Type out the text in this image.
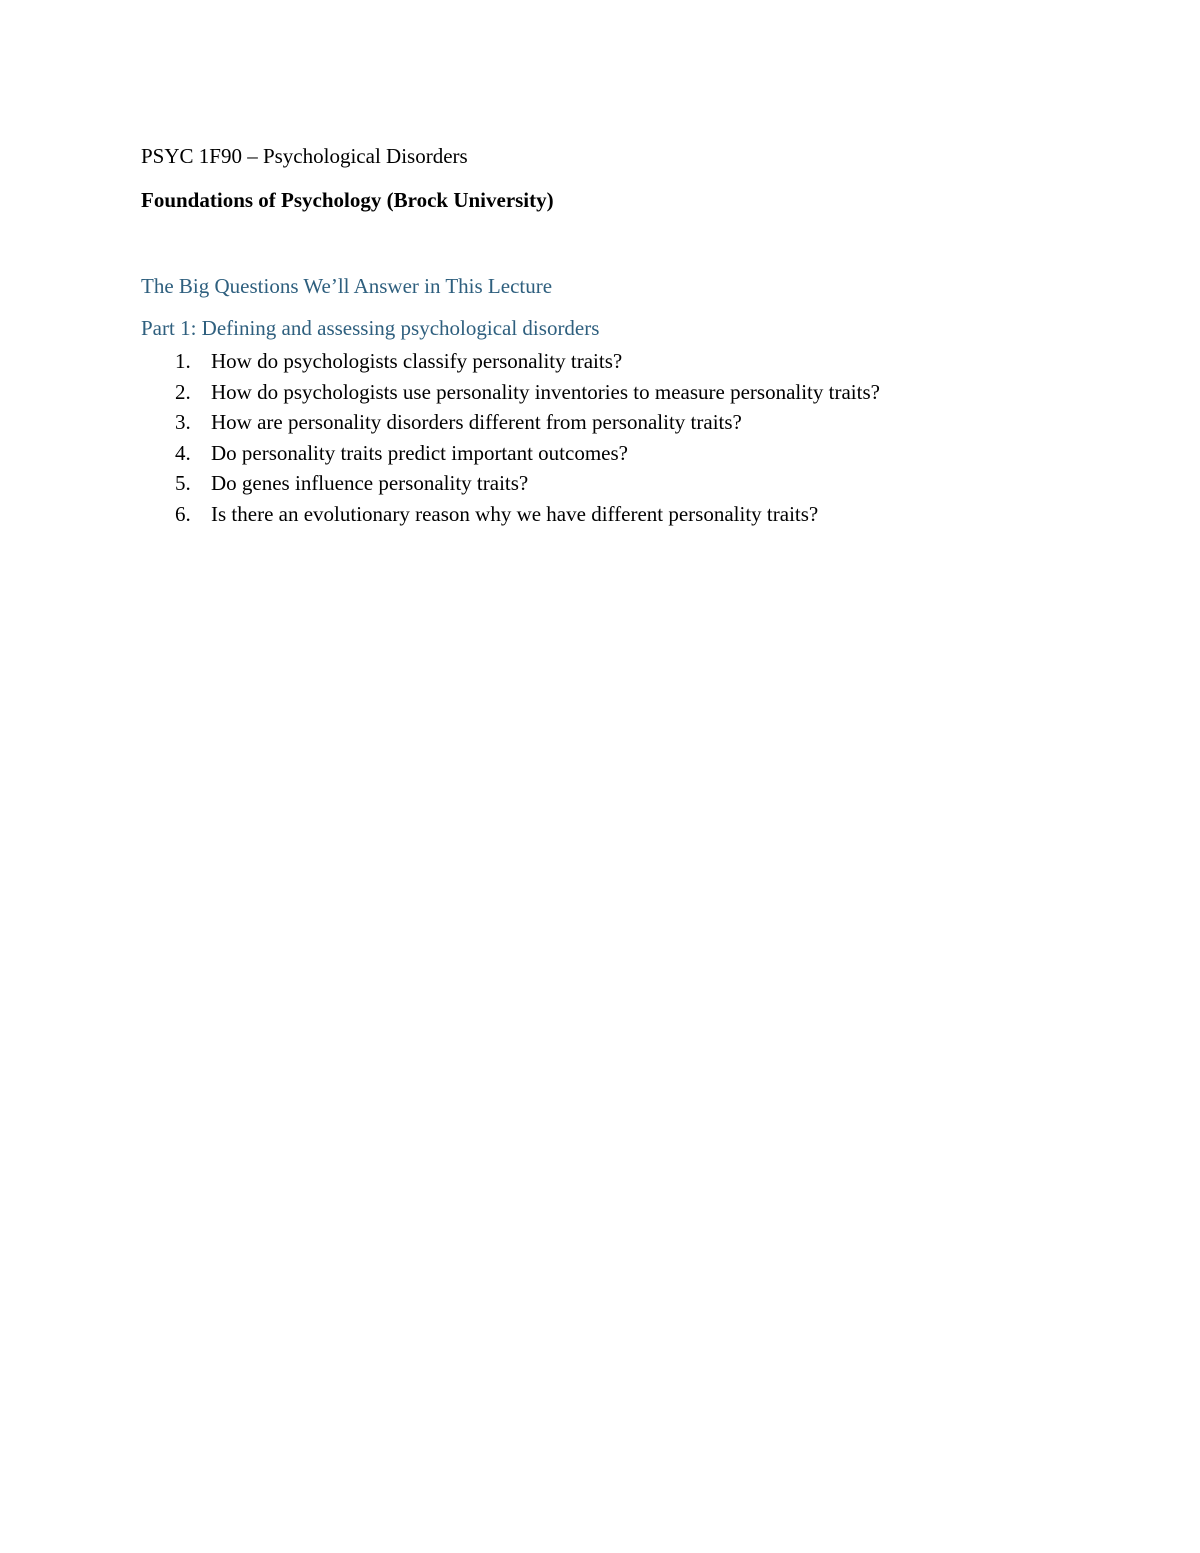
PSYC 1F90 – Psychological Disorders
Foundations of Psychology (Brock University)
The Big Questions We’ll Answer in This Lecture
Part 1: Defining and assessing psychological disorders
1. How do psychologists classify personality traits?
2. How do psychologists use personality inventories to measure personality traits?
3. How are personality disorders different from personality traits?
4. Do personality traits predict important outcomes?
5. Do genes influence personality traits?
6. Is there an evolutionary reason why we have different personality traits?
